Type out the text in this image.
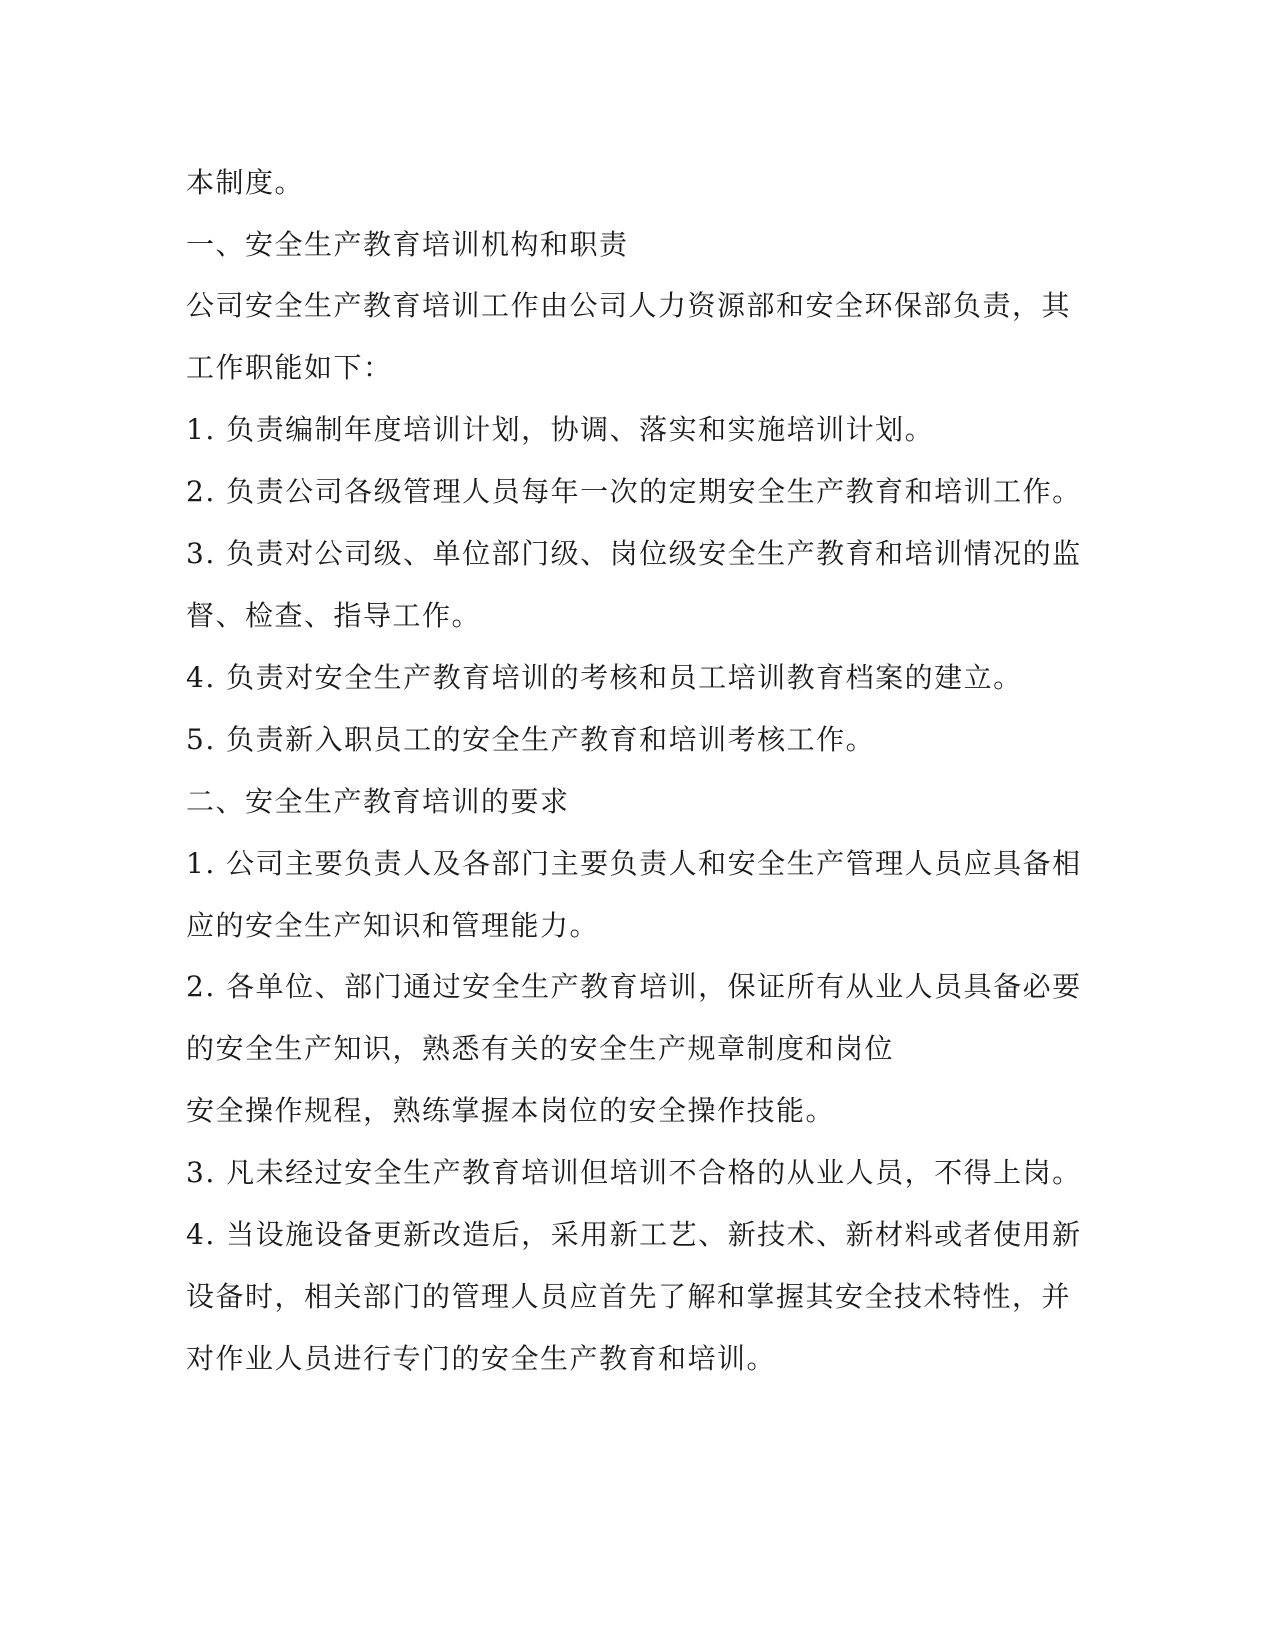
本制度。
一、安全生产教育培训机构和职责
公司安全生产教育培训工作由公司人力资源部和安全环保部负责，其
工作职能如下：
1. 负责编制年度培训计划，协调、落实和实施培训计划。
2. 负责公司各级管理人员每年一次的定期安全生产教育和培训工作。
3. 负责对公司级、单位部门级、岗位级安全生产教育和培训情况的监
督、检查、指导工作。
4. 负责对安全生产教育培训的考核和员工培训教育档案的建立。
5. 负责新入职员工的安全生产教育和培训考核工作。
二、安全生产教育培训的要求
1. 公司主要负责人及各部门主要负责人和安全生产管理人员应具备相
应的安全生产知识和管理能力。
2. 各单位、部门通过安全生产教育培训，保证所有从业人员具备必要
的安全生产知识，熟悉有关的安全生产规章制度和岗位
安全操作规程，熟练掌握本岗位的安全操作技能。
3. 凡未经过安全生产教育培训但培训不合格的从业人员，不得上岗。
4. 当设施设备更新改造后，采用新工艺、新技术、新材料或者使用新
设备时，相关部门的管理人员应首先了解和掌握其安全技术特性，并
对作业人员进行专门的安全生产教育和培训。
